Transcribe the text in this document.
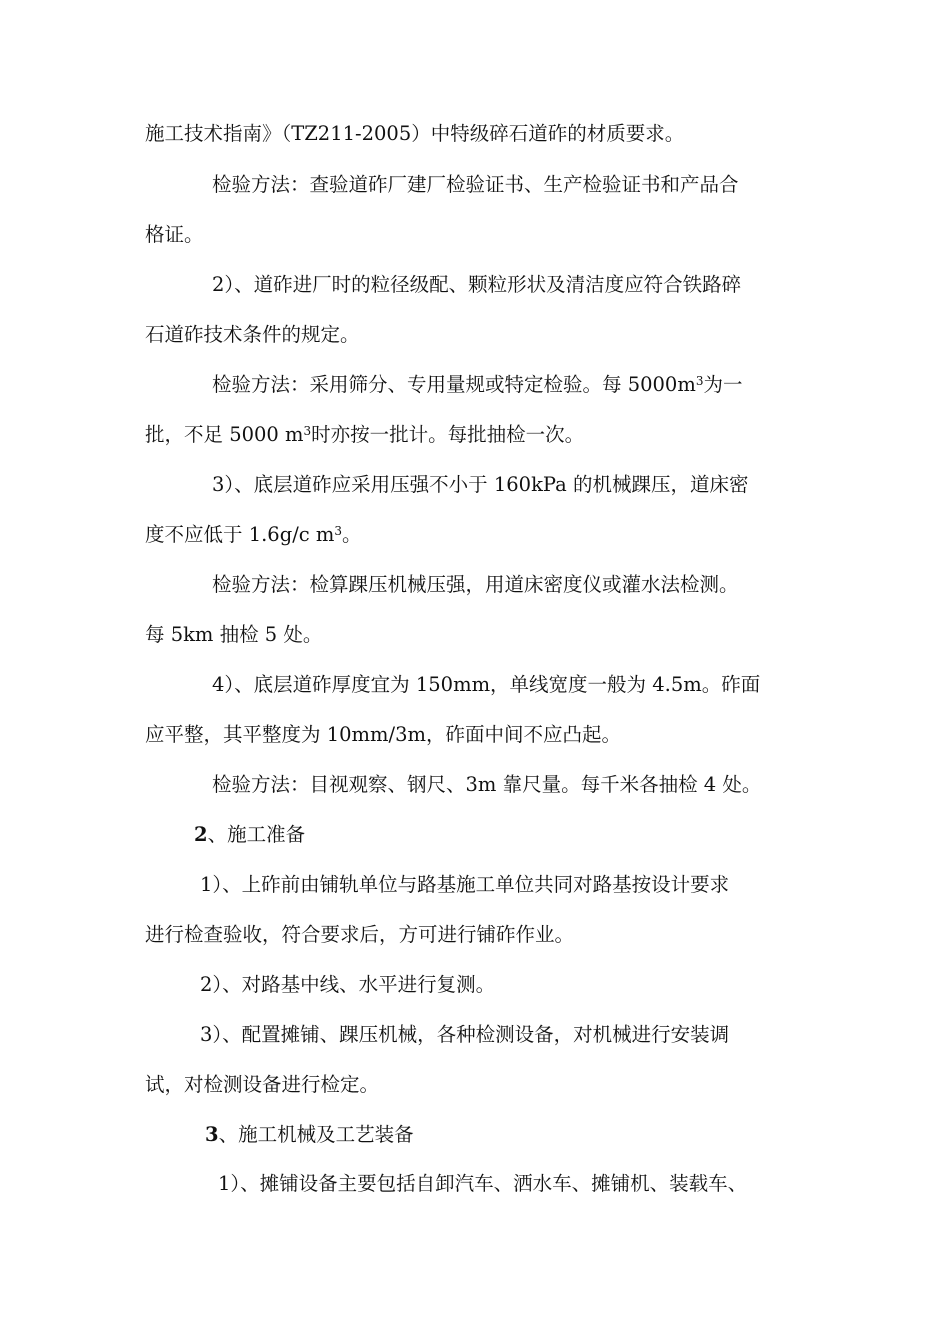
施工技术指南》（TZ211-2005）中特级碎石道砟的材质要求。
检验方法：查验道砟厂建厂检验证书、生产检验证书和产品合
格证。
2）、道砟进厂时的粒径级配、颗粒形状及清洁度应符合铁路碎
石道砟技术条件的规定。
检验方法：采用筛分、专用量规或特定检验。每 $5000m^3$为一
批，不足 5000 $m^3$时亦按一批计。每批抽检一次。
3）、底层道砟应采用压强不小于 160kPa 的机械踝压，道床密
度不应低于 1.6g/c $m^3$。
检验方法：检算踝压机械压强，用道床密度仪或灌水法检测。
每 5km 抽检 5 处。
4）、底层道砟厚度宜为 150mm，单线宽度一般为 4.5m。砟面
应平整，其平整度为 10mm/3m，砟面中间不应凸起。
检验方法：目视观察、钢尺、3m 靠尺量。每千米各抽检 4 处。
2、施工准备
1）、上砟前由铺轨单位与路基施工单位共同对路基按设计要求
进行检查验收，符合要求后，方可进行铺砟作业。
2）、对路基中线、水平进行复测。
3）、配置摊铺、踝压机械，各种检测设备，对机械进行安装调
试，对检测设备进行检定。
3、施工机械及工艺装备
1）、摊铺设备主要包括自卸汽车、洒水车、摊铺机、装载车、
